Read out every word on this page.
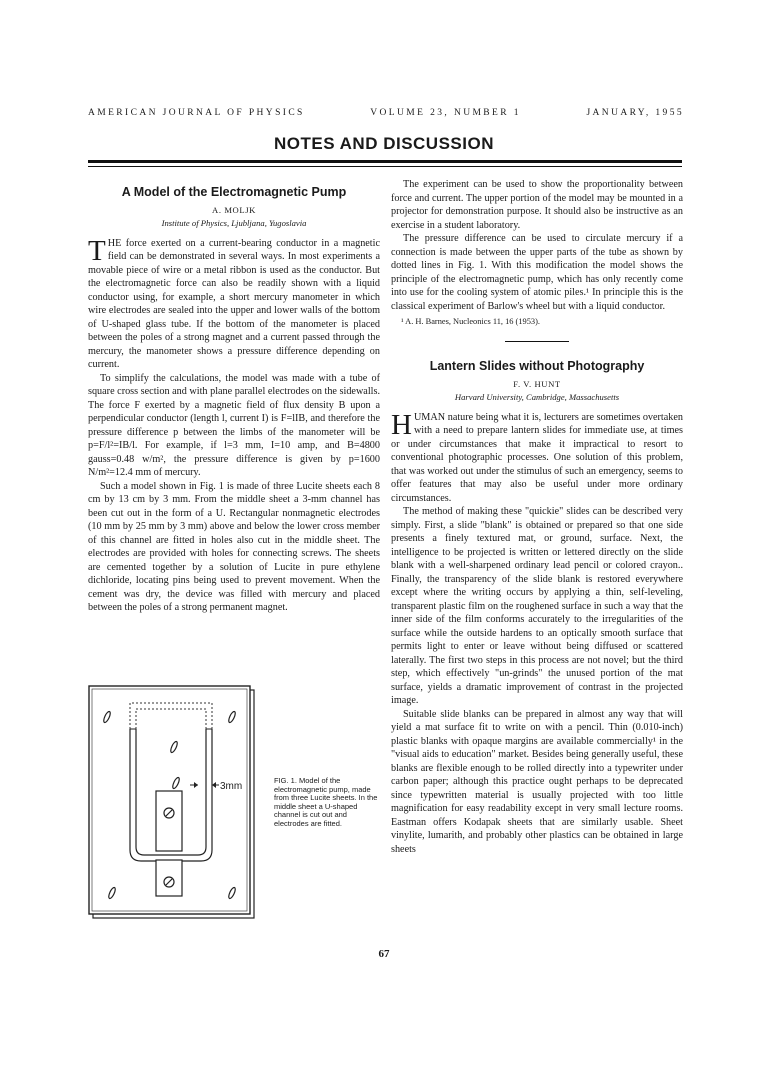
AMERICAN JOURNAL OF PHYSICS	VOLUME 23, NUMBER 1	JANUARY, 1955
NOTES AND DISCUSSION
A Model of the Electromagnetic Pump
A. MOLJK
Institute of Physics, Ljubljana, Yugoslavia

THE force exerted on a current-bearing conductor in a magnetic field can be demonstrated in several ways. In most experiments a movable piece of wire or a metal ribbon is used as the conductor. But the electromagnetic force can also be readily shown with a liquid conductor using, for example, a short mercury manometer in which wire electrodes are sealed into the upper and lower walls of the bottom of U-shaped glass tube. If the bottom of the manometer is placed between the poles of a strong magnet and a current passed through the mercury, the manometer shows a pressure difference depending on current.

To simplify the calculations, the model was made with a tube of square cross section and with plane parallel electrodes on the sidewalls. The force F exerted by a magnetic field of flux density B upon a perpendicular conductor (length l, current I) is F=lIB, and therefore the pressure difference p between the limbs of the manometer will be p=F/l²=IB/l. For example, if l=3 mm, I=10 amp, and B=4800 gauss=0.48 w/m², the pressure difference is given by p=1600 N/m²=12.4 mm of mercury.

Such a model shown in Fig. 1 is made of three Lucite sheets each 8 cm by 13 cm by 3 mm. From the middle sheet a 3-mm channel has been cut out in the form of a U. Rectangular nonmagnetic electrodes (10 mm by 25 mm by 3 mm) above and below the lower cross member of this channel are fitted in holes also cut in the middle sheet. The electrodes are provided with holes for connecting screws. The sheets are cemented together by a solution of Lucite in pure ethylene dichloride, locating pins being used to prevent movement. When the cement was dry, the device was filled with mercury and placed between the poles of a strong permanent magnet.

3mm
FIG. 1. Model of the electromagnetic pump, made from three Lucite sheets. In the middle sheet a U-shaped channel is cut out and electrodes are fitted.

The experiment can be used to show the proportionality between force and current. The upper portion of the model may be mounted in a projector for demonstration purpose. It should also be instructive as an exercise in a student laboratory.

The pressure difference can be used to circulate mercury if a connection is made between the upper parts of the tube as shown by dotted lines in Fig. 1. With this modification the model shows the principle of the electromagnetic pump, which has only recently come into use for the cooling system of atomic piles.¹ In principle this is the classical experiment of Barlow's wheel but with a liquid conductor.

¹ A. H. Barnes, Nucleonics 11, 16 (1953).
Lantern Slides without Photography
F. V. HUNT
Harvard University, Cambridge, Massachusetts

HUMAN nature being what it is, lecturers are sometimes overtaken with a need to prepare lantern slides for immediate use, at times or under circumstances that make it impractical to resort to conventional photographic processes. One solution of this problem, that was worked out under the stimulus of such an emergency, seems to offer features that may also be useful under more ordinary circumstances.

The method of making these "quickie" slides can be described very simply. First, a slide "blank" is obtained or prepared so that one side presents a finely textured mat, or ground, surface. Next, the intelligence to be projected is written or lettered directly on the slide blank with a well-sharpened ordinary lead pencil or colored crayon.. Finally, the transparency of the slide blank is restored everywhere except where the writing occurs by applying a thin, self-leveling, transparent plastic film on the roughened surface in such a way that the inner side of the film conforms accurately to the irregularities of the surface while the outside hardens to an optically smooth surface that permits light to enter or leave without being diffused or scattered laterally. The first two steps in this process are not novel; but the third step, which effectively "un-grinds" the unused portion of the mat surface, yields a dramatic improvement of contrast in the projected image.

Suitable slide blanks can be prepared in almost any way that will yield a mat surface fit to write on with a pencil. Thin (0.010-inch) plastic blanks with opaque margins are available commercially¹ in the "visual aids to education" market. Besides being generally useful, these blanks are flexible enough to be rolled directly into a typewriter under carbon paper; although this practice ought perhaps to be deprecated since typewritten material is usually projected with too little magnification for easy readability except in very small lecture rooms. Eastman offers Kodapak sheets that are similarly usable. Sheet vinylite, lumarith, and probably other plastics can be obtained in large sheets

67
